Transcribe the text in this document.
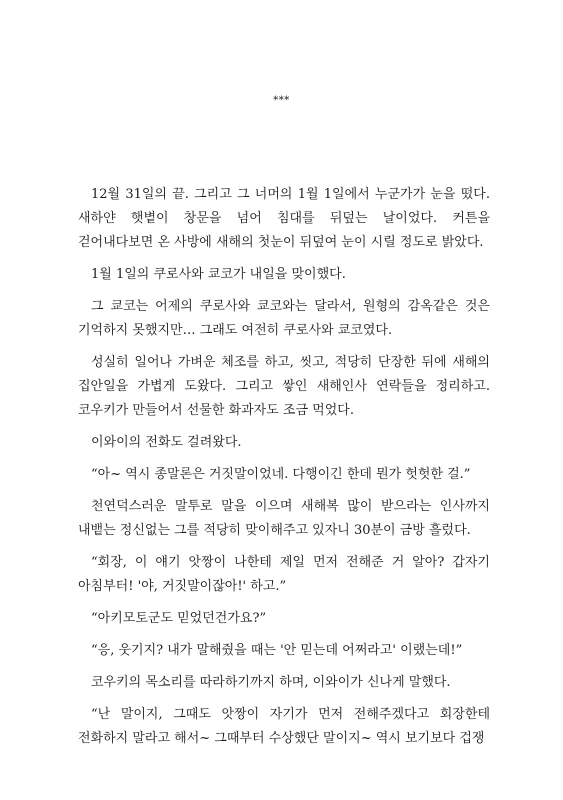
***

12월 31일의 끝. 그리고 그 너머의 1월 1일에서 누군가가 눈을 떴다. 새하얀 햇볕이 창문을 넘어 침대를 뒤덮는 날이었다. 커튼을 걷어내다보면 온 사방에 새해의 첫눈이 뒤덮여 눈이 시릴 정도로 밝았다.

1월 1일의 쿠로사와 쿄코가 내일을 맞이했다.

그 쿄코는 어제의 쿠로사와 쿄코와는 달라서, 원형의 감옥같은 것은 기억하지 못했지만… 그래도 여전히 쿠로사와 쿄코였다.

성실히 일어나 가벼운 체조를 하고, 씻고, 적당히 단장한 뒤에 새해의 집안일을 가볍게 도왔다. 그리고 쌓인 새해인사 연락들을 정리하고. 코우키가 만들어서 선물한 화과자도 조금 먹었다.

이와이의 전화도 걸려왔다.

“아~ 역시 종말론은 거짓말이었네. 다행이긴 한데 뭔가 헛헛한 걸.”

천연덕스러운 말투로 말을 이으며 새해복 많이 받으라는 인사까지 내뱉는 정신없는 그를 적당히 맞이해주고 있자니 30분이 금방 흘렀다.

“회장, 이 얘기 앗짱이 나한테 제일 먼저 전해준 거 알아? 갑자기 아침부터! '야, 거짓말이잖아!' 하고.”

“아키모토군도 믿었던건가요?”

“응, 웃기지? 내가 말해줬을 때는 '안 믿는데 어쩌라고' 이랬는데!”

코우키의 목소리를 따라하기까지 하며, 이와이가 신나게 말했다.

“난 말이지, 그때도 앗짱이 자기가 먼저 전해주겠다고 회장한테 전화하지 말라고 해서~ 그때부터 수상했단 말이지~ 역시 보기보다 겁쟁
